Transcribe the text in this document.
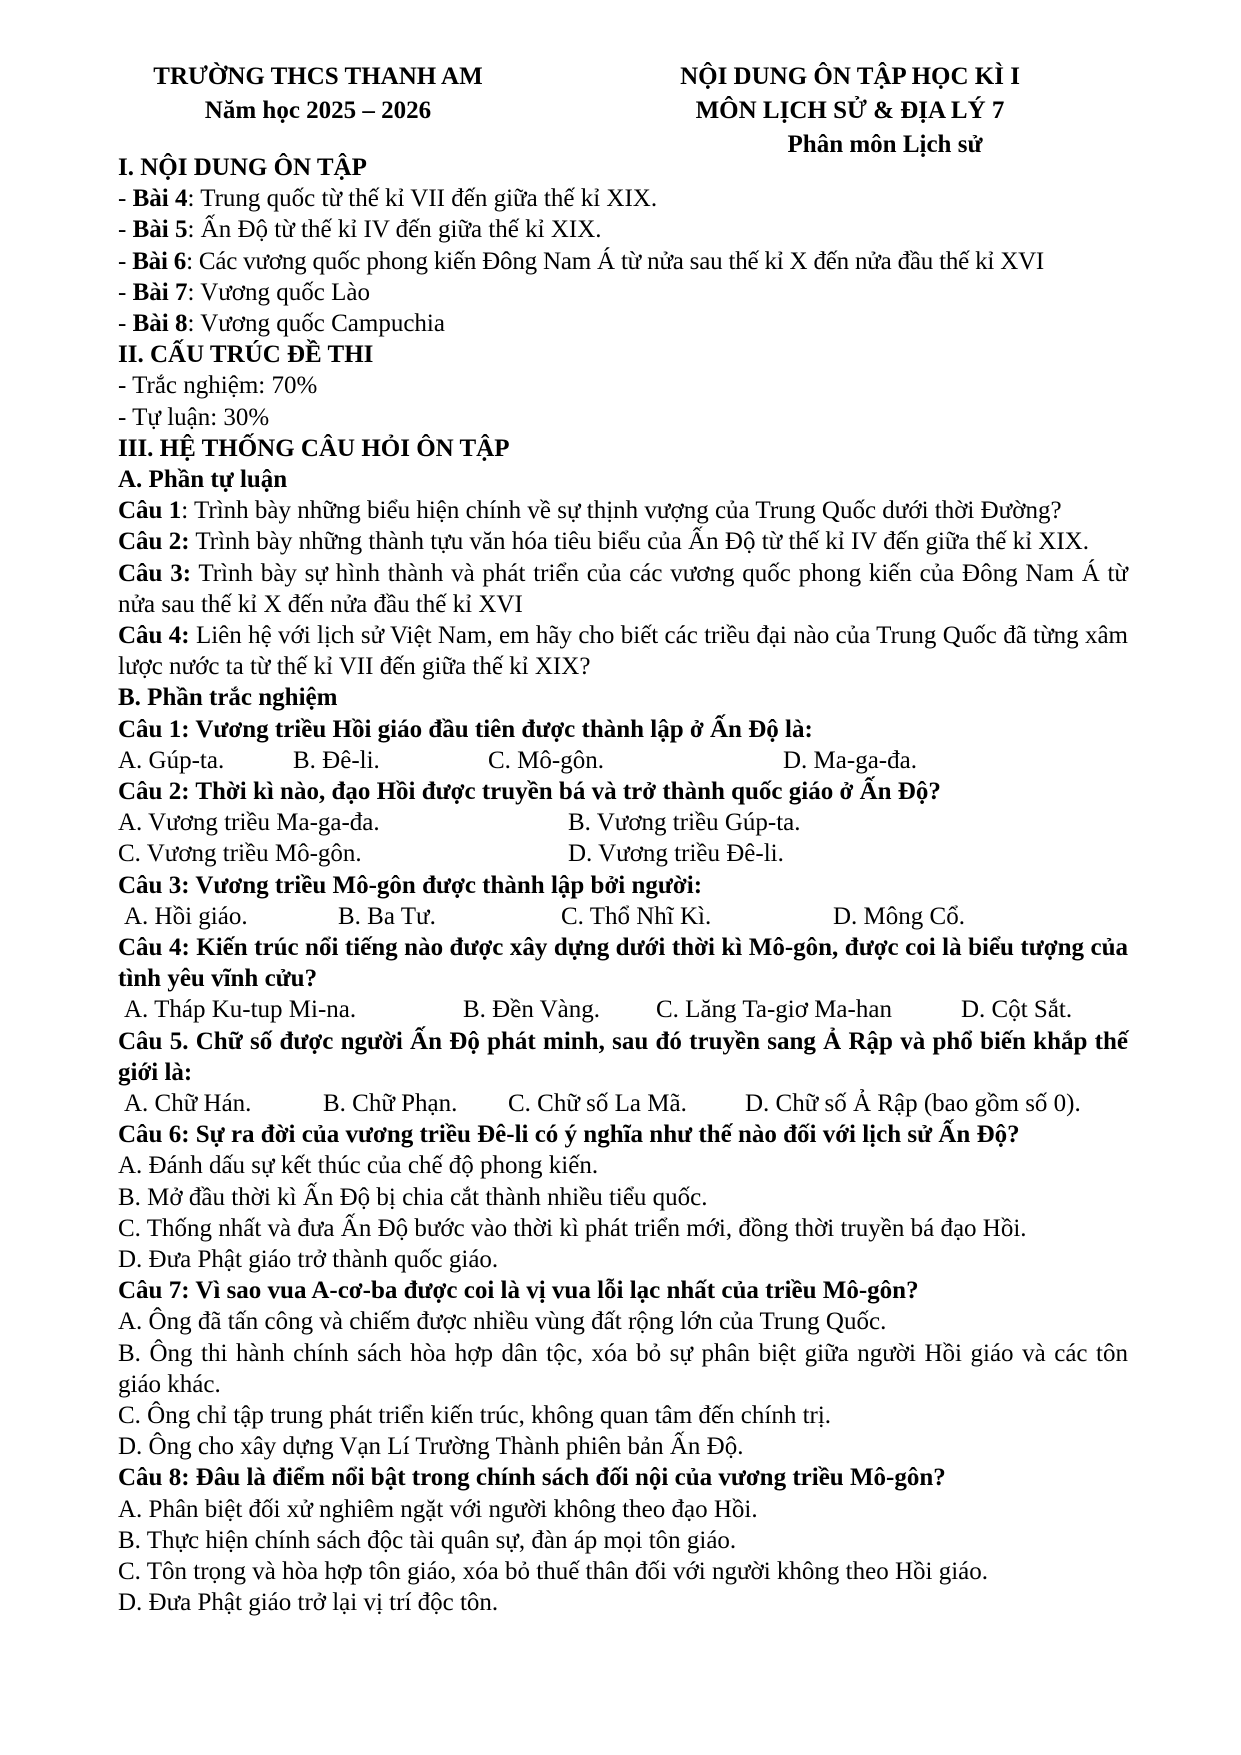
TRƯỜNG THCS THANH AM
Năm học 2025 – 2026
NỘI DUNG ÔN TẬP HỌC KÌ I
MÔN LỊCH SỬ & ĐỊA LÝ 7
Phân môn Lịch sử
I. NỘI DUNG ÔN TẬP
- Bài 4: Trung quốc từ thế kỉ VII đến giữa thế kỉ XIX.
- Bài 5: Ấn Độ từ thế kỉ IV đến giữa thế kỉ XIX.
- Bài 6: Các vương quốc phong kiến Đông Nam Á từ nửa sau thế kỉ X đến nửa đầu thế kỉ XVI
- Bài 7: Vương quốc Lào
- Bài 8: Vương quốc Campuchia
II. CẤU TRÚC ĐỀ THI
- Trắc nghiệm: 70%
- Tự luận: 30%
III. HỆ THỐNG CÂU HỎI ÔN TẬP
A. Phần tự luận
Câu 1: Trình bày những biểu hiện chính về sự thịnh vượng của Trung Quốc dưới thời Đường?
Câu 2: Trình bày những thành tựu văn hóa tiêu biểu của Ấn Độ từ thế kỉ IV đến giữa thế kỉ XIX.
Câu 3: Trình bày sự hình thành và phát triển của các vương quốc phong kiến của Đông Nam Á từ nửa sau thế kỉ X đến nửa đầu thế kỉ XVI
Câu 4: Liên hệ với lịch sử Việt Nam, em hãy cho biết các triều đại nào của Trung Quốc đã từng xâm lược nước ta từ thế kỉ VII đến giữa thế kỉ XIX?
B. Phần trắc nghiệm
Câu 1: Vương triều Hồi giáo đầu tiên được thành lập ở Ấn Độ là:
A. Gúp-ta.	B. Đê-li.	C. Mô-gôn.	D. Ma-ga-đa.
Câu 2: Thời kì nào, đạo Hồi được truyền bá và trở thành quốc giáo ở Ấn Độ?
A. Vương triều Ma-ga-đa.	B. Vương triều Gúp-ta.
C. Vương triều Mô-gôn.	D. Vương triều Đê-li.
Câu 3: Vương triều Mô-gôn được thành lập bởi người:
A. Hồi giáo.	B. Ba Tư.	C. Thổ Nhĩ Kì.	D. Mông Cổ.
Câu 4: Kiến trúc nổi tiếng nào được xây dựng dưới thời kì Mô-gôn, được coi là biểu tượng của tình yêu vĩnh cửu?
A. Tháp Ku-tup Mi-na.	B. Đền Vàng. C. Lăng Ta-giơ Ma-han	D. Cột Sắt.
Câu 5. Chữ số được người Ấn Độ phát minh, sau đó truyền sang Ả Rập và phổ biến khắp thế giới là:
A. Chữ Hán.	B. Chữ Phạn. C. Chữ số La Mã. D. Chữ số Ả Rập (bao gồm số 0).
Câu 6: Sự ra đời của vương triều Đê-li có ý nghĩa như thế nào đối với lịch sử Ấn Độ?
A. Đánh dấu sự kết thúc của chế độ phong kiến.
B. Mở đầu thời kì Ấn Độ bị chia cắt thành nhiều tiểu quốc.
C. Thống nhất và đưa Ấn Độ bước vào thời kì phát triển mới, đồng thời truyền bá đạo Hồi.
D. Đưa Phật giáo trở thành quốc giáo.
Câu 7: Vì sao vua A-cơ-ba được coi là vị vua lỗi lạc nhất của triều Mô-gôn?
A. Ông đã tấn công và chiếm được nhiều vùng đất rộng lớn của Trung Quốc.
B. Ông thi hành chính sách hòa hợp dân tộc, xóa bỏ sự phân biệt giữa người Hồi giáo và các tôn giáo khác.
C. Ông chỉ tập trung phát triển kiến trúc, không quan tâm đến chính trị.
D. Ông cho xây dựng Vạn Lí Trường Thành phiên bản Ấn Độ.
Câu 8: Đâu là điểm nổi bật trong chính sách đối nội của vương triều Mô-gôn?
A. Phân biệt đối xử nghiêm ngặt với người không theo đạo Hồi.
B. Thực hiện chính sách độc tài quân sự, đàn áp mọi tôn giáo.
C. Tôn trọng và hòa hợp tôn giáo, xóa bỏ thuế thân đối với người không theo Hồi giáo.
D. Đưa Phật giáo trở lại vị trí độc tôn.
